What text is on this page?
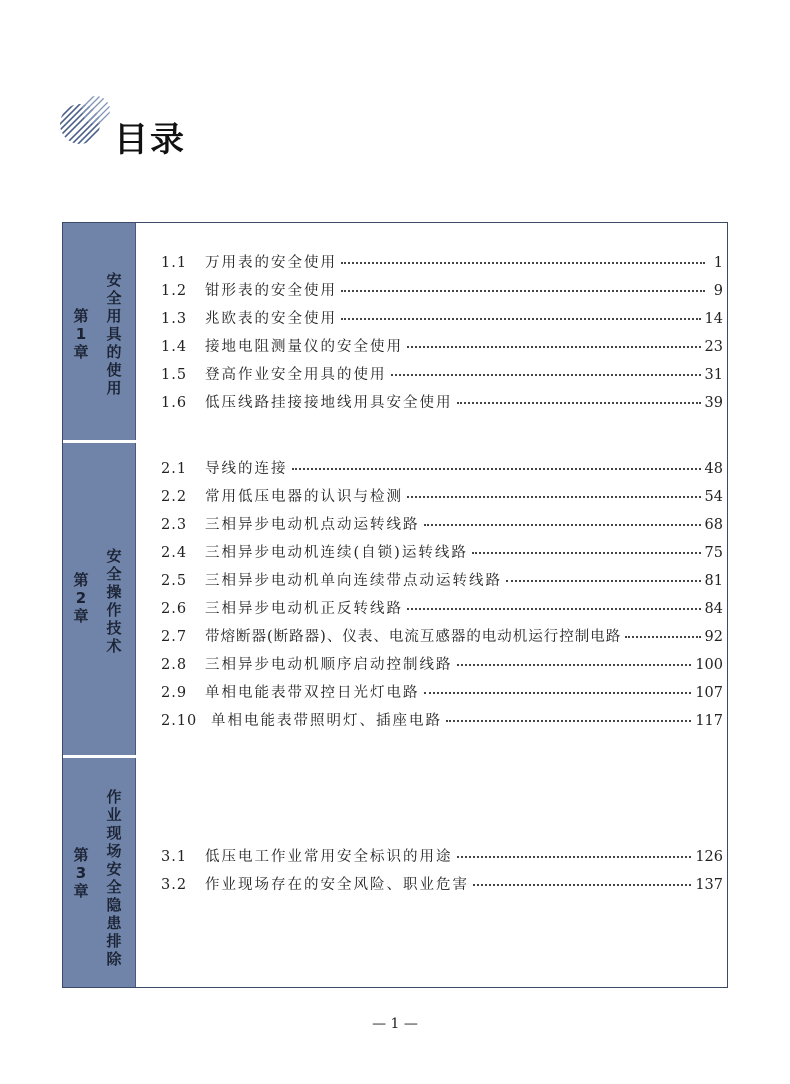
目录
第1章
安全用具的使用
1.1	万用表的安全使用	1
1.2	钳形表的安全使用	9
1.3	兆欧表的安全使用	14
1.4	接地电阻测量仪的安全使用	23
1.5	登高作业安全用具的使用	31
1.6	低压线路挂接接地线用具安全使用	39
第2章
安全操作技术
2.1	导线的连接	48
2.2	常用低压电器的认识与检测	54
2.3	三相异步电动机点动运转线路	68
2.4	三相异步电动机连续(自锁)运转线路	75
2.5	三相异步电动机单向连续带点动运转线路	81
2.6	三相异步电动机正反转线路	84
2.7	带熔断器(断路器)、仪表、电流互感器的电动机运行控制电路	92
2.8	三相异步电动机顺序启动控制线路	100
2.9	单相电能表带双控日光灯电路	107
2.10 单相电能表带照明灯、插座电路	117
第3章
作业现场安全隐患排除
3.1	低压电工作业常用安全标识的用途	126
3.2	作业现场存在的安全风险、职业危害	137
— 1 —
